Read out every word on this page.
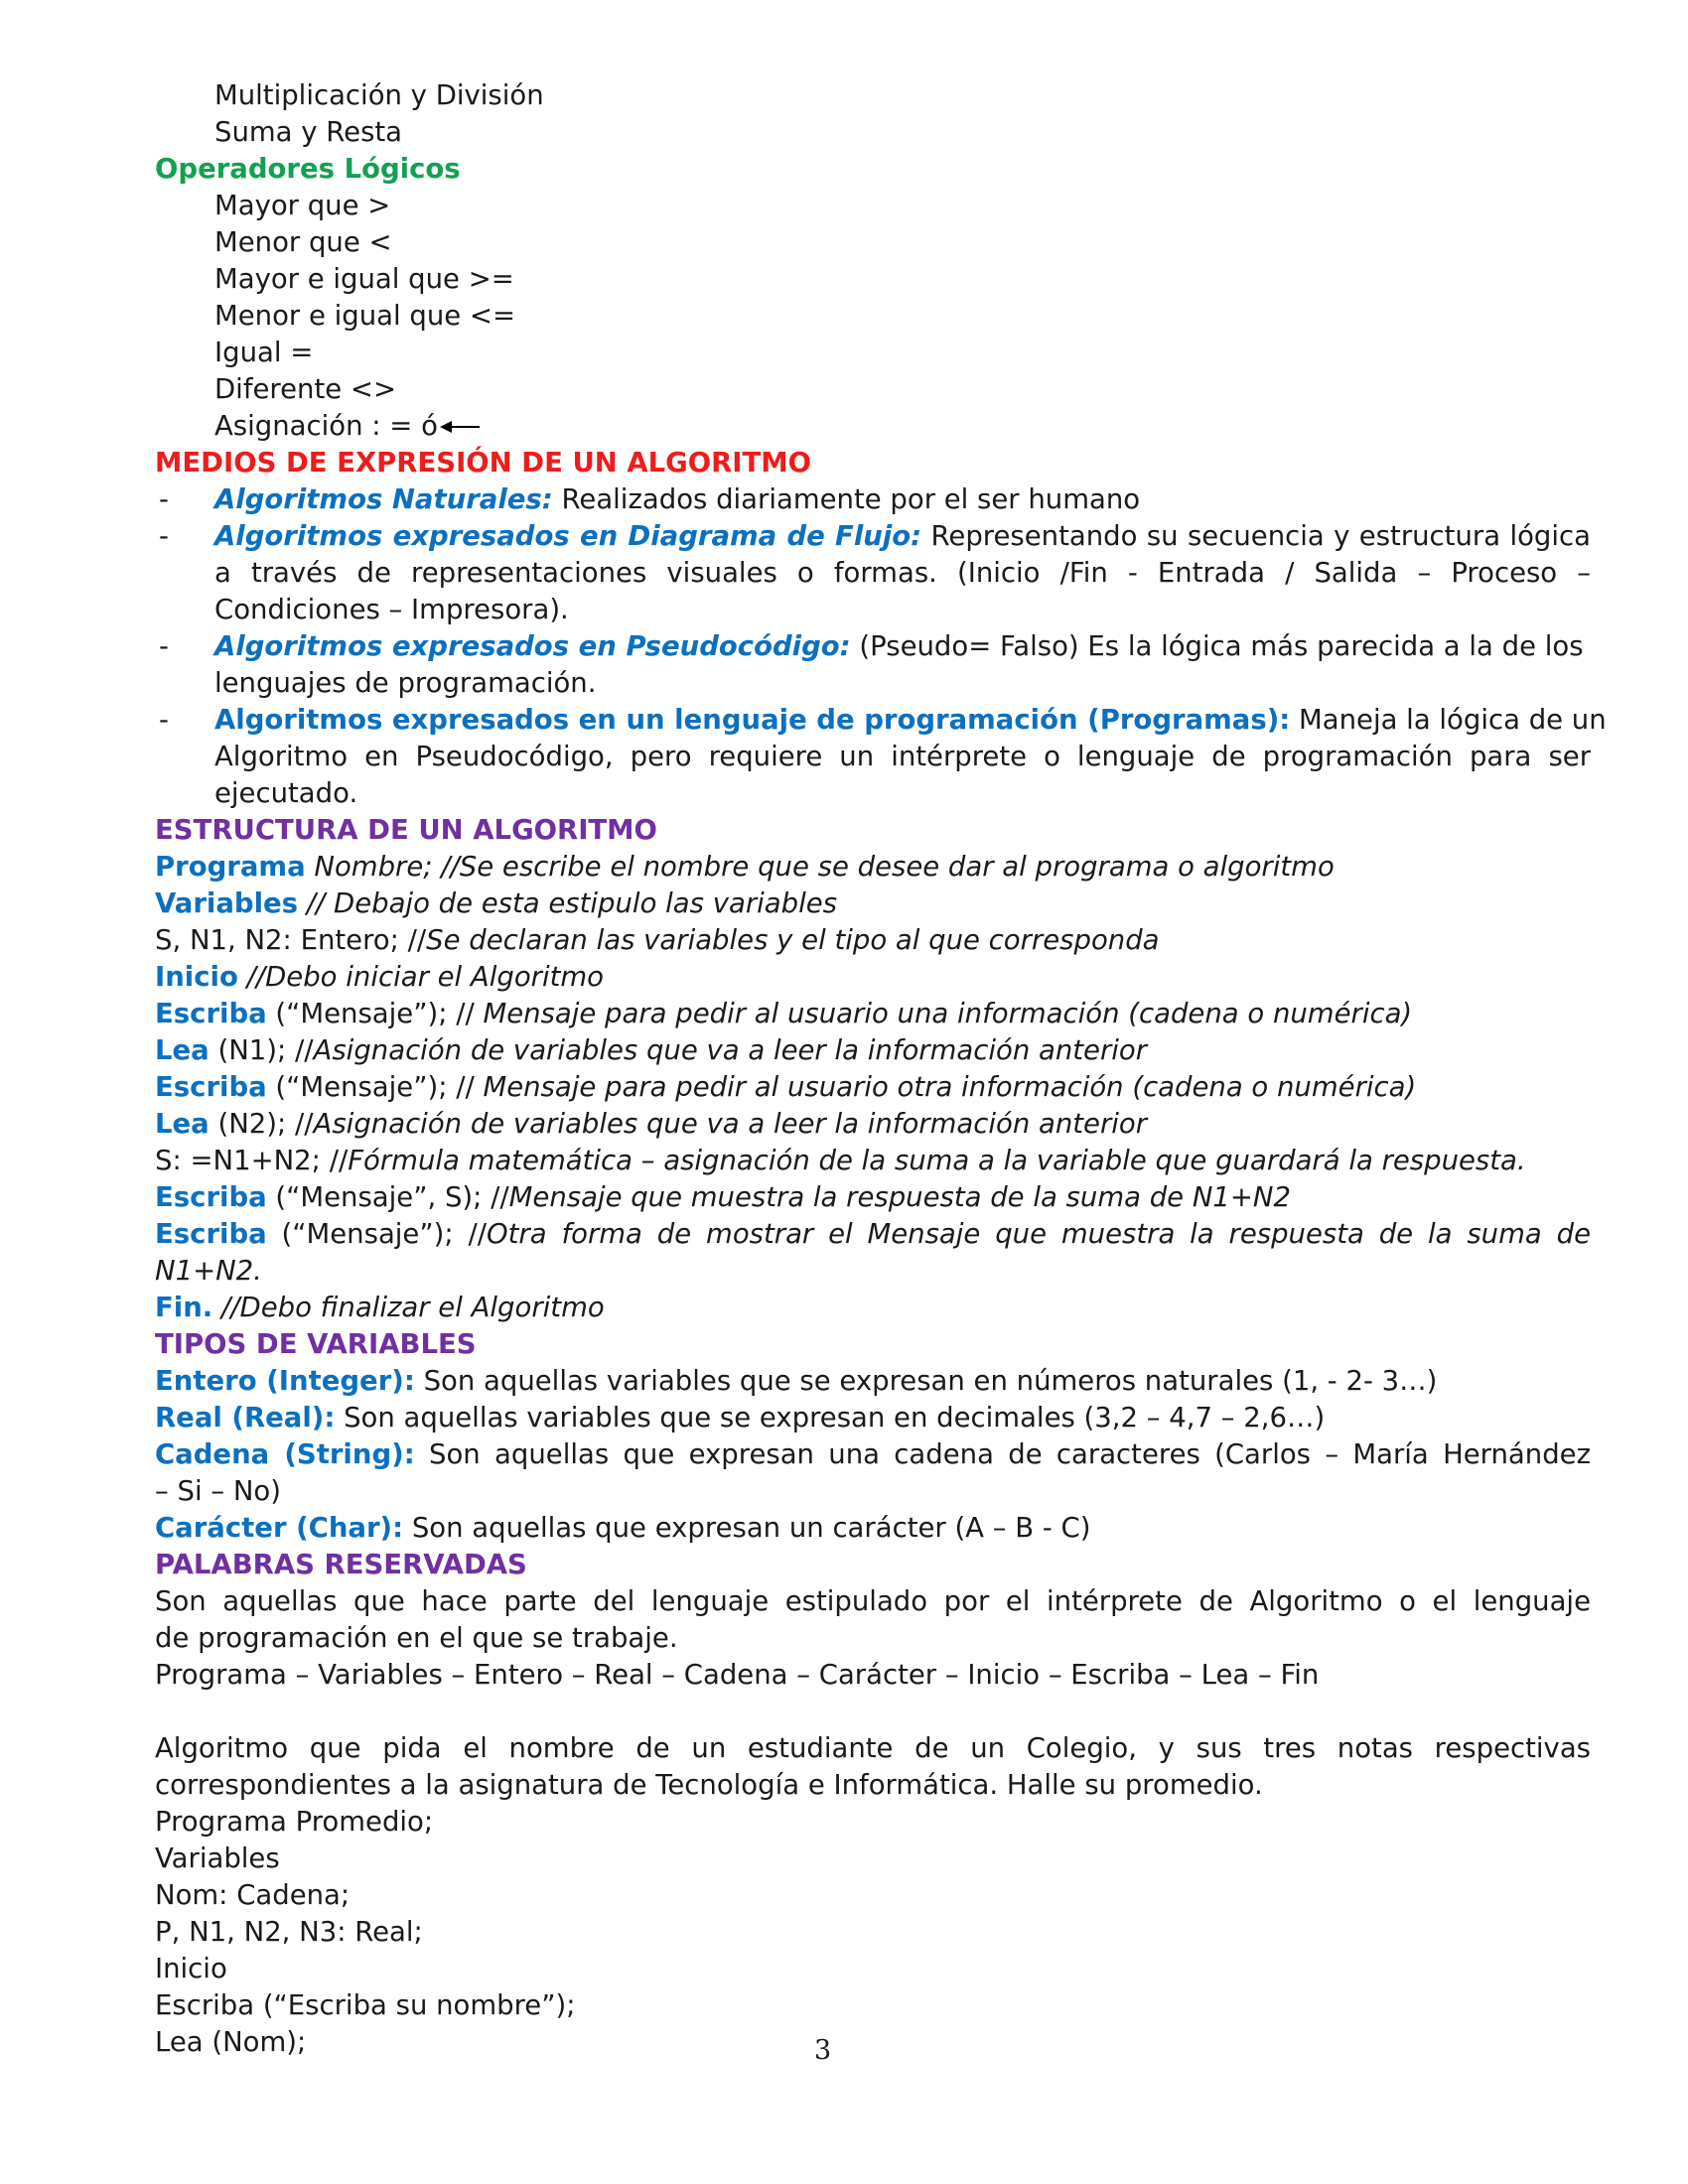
Multiplicación y División
Suma y Resta
Operadores Lógicos
Mayor que >
Menor que <
Mayor e igual que >=
Menor e igual que <=
Igual =
Diferente <>
Asignación : = ó
MEDIOS DE EXPRESIÓN DE UN ALGORITMO
- Algoritmos Naturales: Realizados diariamente por el ser humano
- Algoritmos expresados en Diagrama de Flujo: Representando su secuencia y estructura lógica
a través de representaciones visuales o formas. (Inicio /Fin - Entrada / Salida – Proceso –
Condiciones – Impresora).
- Algoritmos expresados en Pseudocódigo: (Pseudo= Falso) Es la lógica más parecida a la de los
lenguajes de programación.
- Algoritmos expresados en un lenguaje de programación (Programas): Maneja la lógica de un
Algoritmo en Pseudocódigo, pero requiere un intérprete o lenguaje de programación para ser
ejecutado.
ESTRUCTURA DE UN ALGORITMO
Programa Nombre; //Se escribe el nombre que se desee dar al programa o algoritmo
Variables // Debajo de esta estipulo las variables
S, N1, N2: Entero; //Se declaran las variables y el tipo al que corresponda
Inicio //Debo iniciar el Algoritmo
Escriba (“Mensaje”); // Mensaje para pedir al usuario una información (cadena o numérica)
Lea (N1); //Asignación de variables que va a leer la información anterior
Escriba (“Mensaje”); // Mensaje para pedir al usuario otra información (cadena o numérica)
Lea (N2); //Asignación de variables que va a leer la información anterior
S: =N1+N2; //Fórmula matemática – asignación de la suma a la variable que guardará la respuesta.
Escriba (“Mensaje”, S); //Mensaje que muestra la respuesta de la suma de N1+N2
Escriba (“Mensaje”); //Otra forma de mostrar el Mensaje que muestra la respuesta de la suma de
N1+N2.
Fin. //Debo finalizar el Algoritmo
TIPOS DE VARIABLES
Entero (Integer): Son aquellas variables que se expresan en números naturales (1, - 2- 3…)
Real (Real): Son aquellas variables que se expresan en decimales (3,2 – 4,7 – 2,6…)
Cadena (String): Son aquellas que expresan una cadena de caracteres (Carlos – María Hernández
– Si – No)
Carácter (Char): Son aquellas que expresan un carácter (A – B - C)
PALABRAS RESERVADAS
Son aquellas que hace parte del lenguaje estipulado por el intérprete de Algoritmo o el lenguaje
de programación en el que se trabaje.
Programa – Variables – Entero – Real – Cadena – Carácter – Inicio – Escriba – Lea – Fin
Algoritmo que pida el nombre de un estudiante de un Colegio, y sus tres notas respectivas
correspondientes a la asignatura de Tecnología e Informática. Halle su promedio.
Programa Promedio;
Variables
Nom: Cadena;
P, N1, N2, N3: Real;
Inicio
Escriba (“Escriba su nombre”);
Lea (Nom);	3
